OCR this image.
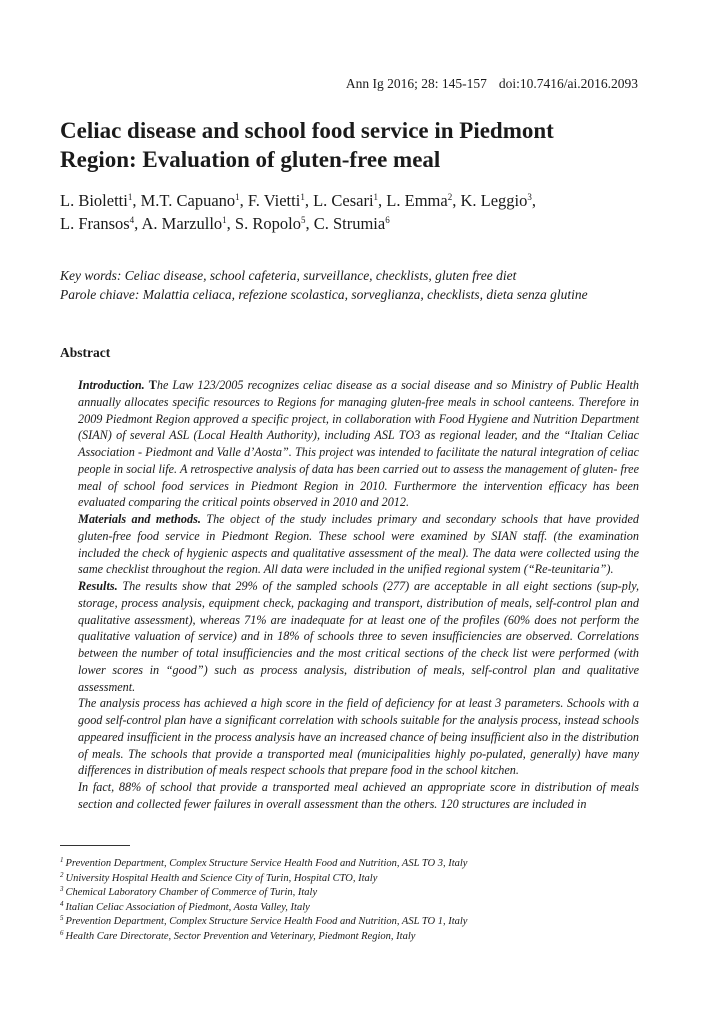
Ann Ig 2016; 28: 145-157 doi:10.7416/ai.2016.2093
Celiac disease and school food service in Piedmont
Region: Evaluation of gluten-free meal
L. Bioletti$^1$, M.T. Capuano$^1$, F. Vietti$^1$, L. Cesari$^1$, L. Emma$^2$, K. Leggio$^3$,
L. Fransos$^4$, A. Marzullo$^1$, S. Ropolo$^5$, C. Strumia$^6$
Key words: Celiac disease, school cafeteria, surveillance, checklists, gluten free diet
Parole chiave: Malattia celiaca, refezione scolastica, sorveglianza, checklists, dieta senza glutine
Abstract

Introduction. The Law 123/2005 recognizes celiac disease as a social disease and so Ministry of Public Health annually allocates specific resources to Regions for managing gluten-free meals in school canteens. Therefore in 2009 Piedmont Region approved a specific project, in collaboration with Food Hygiene and Nutrition Department (SIAN) of several ASL (Local Health Authority), including ASL TO3 as regional leader, and the “Italian Celiac Association - Piedmont and Valle d’Aosta”. This project was intended to facilitate the natural integration of celiac people in social life. A retrospective analysis of data has been carried out to assess the management of gluten- free meal of school food services in Piedmont Region in 2010. Furthermore the intervention efficacy has been evaluated comparing the critical points observed in 2010 and 2012.

Materials and methods. The object of the study includes primary and secondary schools that have provided gluten-free food service in Piedmont Region. These school were examined by SIAN staff. (the examination included the check of hygienic aspects and qualitative assessment of the meal). The data were collected using the same checklist throughout the region. All data were included in the unified regional system (“Re-teunitaria”).

Results. The results show that 29% of the sampled schools (277) are acceptable in all eight sections (sup-ply, storage, process analysis, equipment check, packaging and transport, distribution of meals, self-control plan and qualitative assessment), whereas 71% are inadequate for at least one of the profiles (60% does not perform the qualitative valuation of service) and in 18% of schools three to seven insufficiencies are observed. Correlations between the number of total insufficiencies and the most critical sections of the check list were performed (with lower scores in “good”) such as process analysis, distribution of meals, self-control plan and qualitative assessment.

The analysis process has achieved a high score in the field of deficiency for at least 3 parameters. Schools with a good self-control plan have a significant correlation with schools suitable for the analysis process, instead schools appeared insufficient in the process analysis have an increased chance of being insufficient also in the distribution of meals. The schools that provide a transported meal (municipalities highly po-pulated, generally) have many differences in distribution of meals respect schools that prepare food in the school kitchen.

In fact, 88% of school that provide a transported meal achieved an appropriate score in distribution of meals section and collected fewer failures in overall assessment than the others. 120 structures are included in

$^1$ Prevention Department, Complex Structure Service Health Food and Nutrition, ASL TO 3, Italy
$^2$ University Hospital Health and Science City of Turin, Hospital CTO, Italy
$^3$ Chemical Laboratory Chamber of Commerce of Turin, Italy
$^4$ Italian Celiac Association of Piedmont, Aosta Valley, Italy
$^5$ Prevention Department, Complex Structure Service Health Food and Nutrition, ASL TO 1, Italy
$^6$ Health Care Directorate, Sector Prevention and Veterinary, Piedmont Region, Italy
